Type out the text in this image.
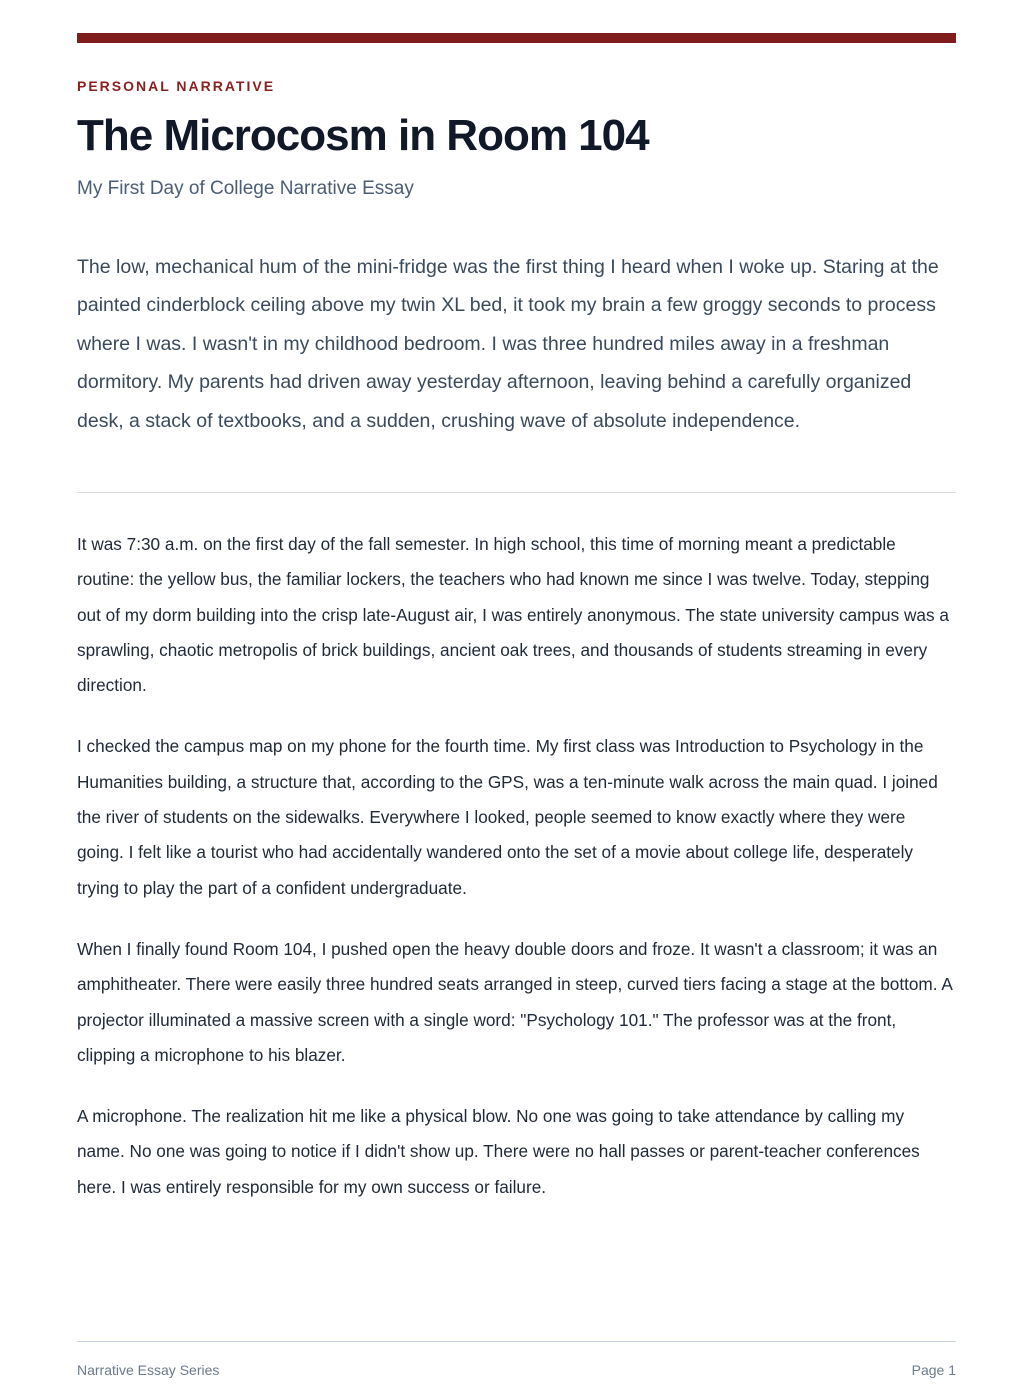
PERSONAL NARRATIVE
The Microcosm in Room 104
My First Day of College Narrative Essay

The low, mechanical hum of the mini-fridge was the first thing I heard when I woke up. Staring at the painted cinderblock ceiling above my twin XL bed, it took my brain a few groggy seconds to process where I was. I wasn't in my childhood bedroom. I was three hundred miles away in a freshman dormitory. My parents had driven away yesterday afternoon, leaving behind a carefully organized desk, a stack of textbooks, and a sudden, crushing wave of absolute independence.

It was 7:30 a.m. on the first day of the fall semester. In high school, this time of morning meant a predictable routine: the yellow bus, the familiar lockers, the teachers who had known me since I was twelve. Today, stepping out of my dorm building into the crisp late-August air, I was entirely anonymous. The state university campus was a sprawling, chaotic metropolis of brick buildings, ancient oak trees, and thousands of students streaming in every direction.

I checked the campus map on my phone for the fourth time. My first class was Introduction to Psychology in the Humanities building, a structure that, according to the GPS, was a ten-minute walk across the main quad. I joined the river of students on the sidewalks. Everywhere I looked, people seemed to know exactly where they were going. I felt like a tourist who had accidentally wandered onto the set of a movie about college life, desperately trying to play the part of a confident undergraduate.

When I finally found Room 104, I pushed open the heavy double doors and froze. It wasn't a classroom; it was an amphitheater. There were easily three hundred seats arranged in steep, curved tiers facing a stage at the bottom. A projector illuminated a massive screen with a single word: "Psychology 101." The professor was at the front, clipping a microphone to his blazer.

A microphone. The realization hit me like a physical blow. No one was going to take attendance by calling my name. No one was going to notice if I didn't show up. There were no hall passes or parent-teacher conferences here. I was entirely responsible for my own success or failure.

Narrative Essay Series	Page 1
